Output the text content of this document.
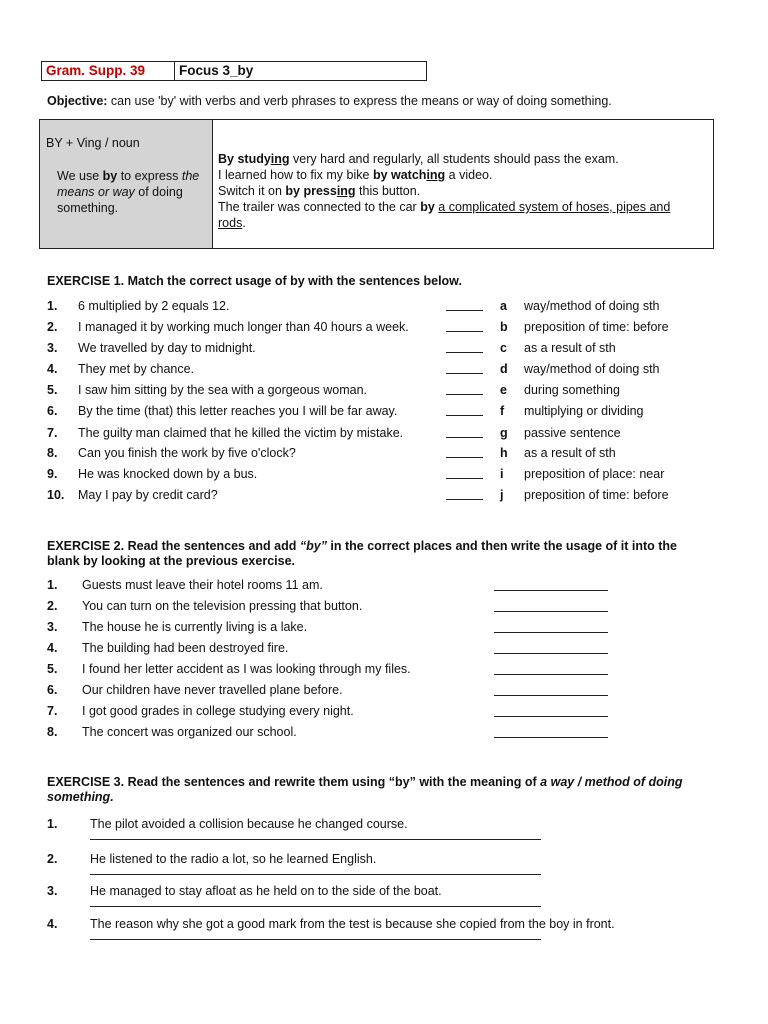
Gram. Supp. 39	Focus 3_by
Objective: can use 'by' with verbs and verb phrases to express the means or way of doing something.
BY + Ving / noun
We use by to express the means or way of doing something.
By studying very hard and regularly, all students should pass the exam.
I learned how to fix my bike by watching a video.
Switch it on by pressing this button.
The trailer was connected to the car by a complicated system of hoses, pipes and rods.
EXERCISE 1. Match the correct usage of by with the sentences below.
1. 6 multiplied by 2 equals 12.	a way/method of doing sth
2. I managed it by working much longer than 40 hours a week.	b preposition of time: before
3. We travelled by day to midnight.	c as a result of sth
4. They met by chance.	d way/method of doing sth
5. I saw him sitting by the sea with a gorgeous woman.	e during something
6. By the time (that) this letter reaches you I will be far away.	f multiplying or dividing
7. The guilty man claimed that he killed the victim by mistake.	g passive sentence
8. Can you finish the work by five o'clock?	h as a result of sth
9. He was knocked down by a bus.	i preposition of place: near
10. May I pay by credit card?	j preposition of time: before
EXERCISE 2. Read the sentences and add “by” in the correct places and then write the usage of it into the blank by looking at the previous exercise.
1. Guests must leave their hotel rooms 11 am.
2. You can turn on the television pressing that button.
3. The house he is currently living is a lake.
4. The building had been destroyed fire.
5. I found her letter accident as I was looking through my files.
6. Our children have never travelled plane before.
7. I got good grades in college studying every night.
8. The concert was organized our school.
EXERCISE 3. Read the sentences and rewrite them using “by” with the meaning of a way / method of doing something.
1.	The pilot avoided a collision because he changed course.
2.	He listened to the radio a lot, so he learned English.
3.	He managed to stay afloat as he held on to the side of the boat.
4.	The reason why she got a good mark from the test is because she copied from the boy in front.
